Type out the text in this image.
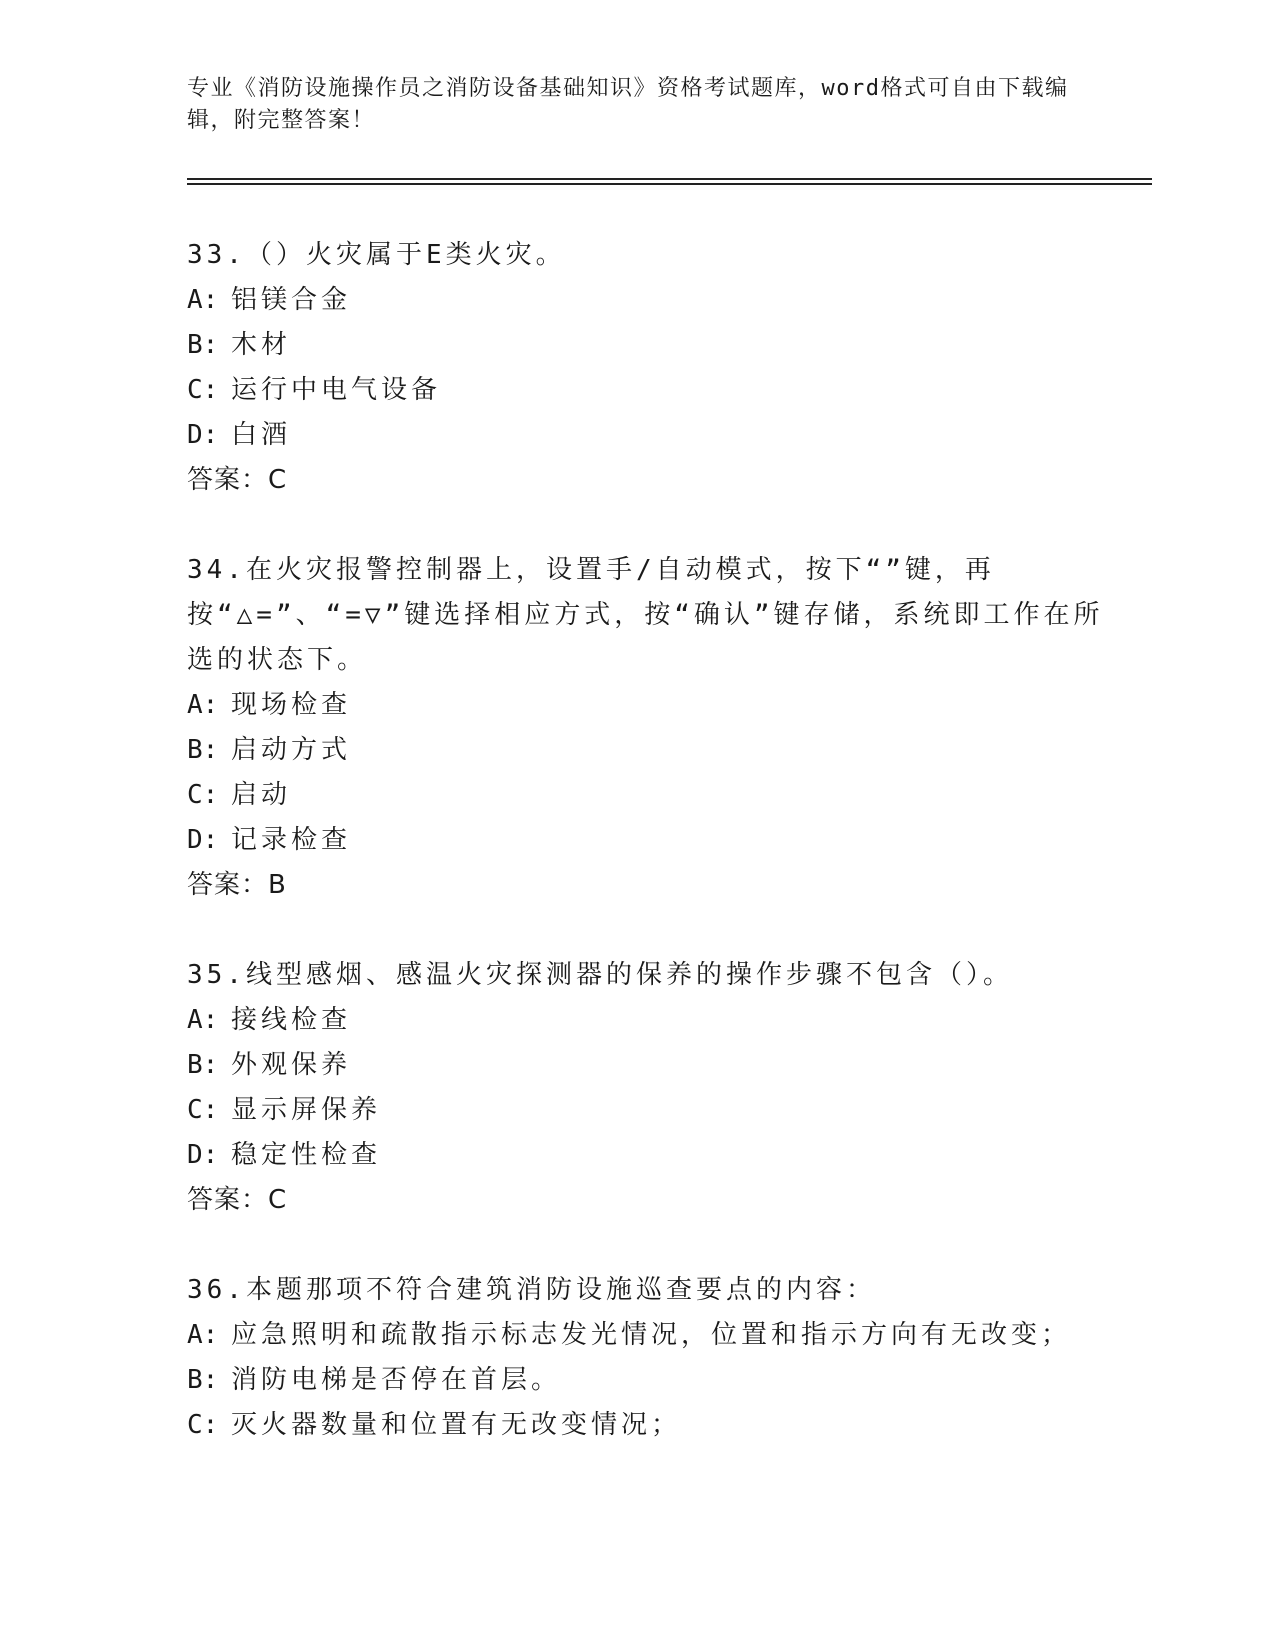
专业《消防设施操作员之消防设备基础知识》资格考试题库，word格式可自由下载编辑，附完整答案！

33.（）火灾属于E类火灾。

A: 铝镁合金
B: 木材
C: 运行中电气设备
D: 白酒
答案：C

34.在火灾报警控制器上，设置手/自动模式，按下“”键，再按“△=”、“=▽”键选择相应方式，按“确认”键存储，系统即工作在所选的状态下。

A: 现场检查
B: 启动方式
C: 启动
D: 记录检查
答案：B

35.线型感烟、感温火灾探测器的保养的操作步骤不包含（）。

A: 接线检查
B: 外观保养
C: 显示屏保养
D: 稳定性检查
答案：C

36.本题那项不符合建筑消防设施巡查要点的内容：

A: 应急照明和疏散指示标志发光情况，位置和指示方向有无改变；
B: 消防电梯是否停在首层。
C: 灭火器数量和位置有无改变情况；
